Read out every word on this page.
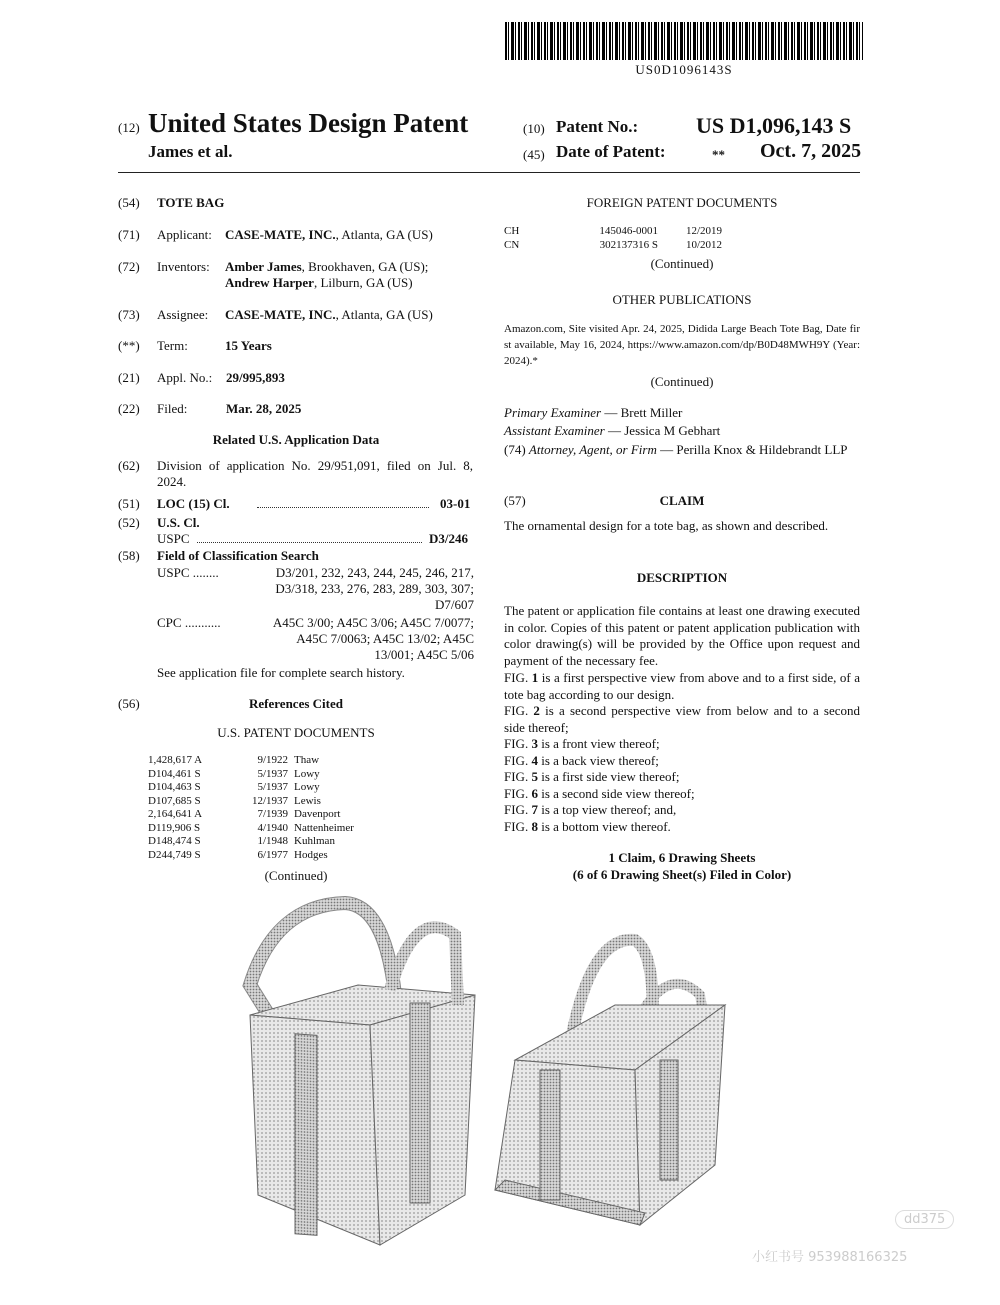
US0D1096143S
(12) United States Design Patent
James et al.
(10) Patent No.:	US D1,096,143 S
(45) Date of Patent:	** Oct. 7, 2025
(54) TOTE BAG
(71) Applicant: CASE-MATE, INC., Atlanta, GA (US)
(72) Inventors: Amber James, Brookhaven, GA (US);
Andrew Harper, Lilburn, GA (US)
(73) Assignee: CASE-MATE, INC., Atlanta, GA (US)
(**) Term:	15 Years
(21) Appl. No.: 29/995,893
(22) Filed:	Mar. 28, 2025
Related U.S. Application Data
(62) Division of application No. 29/951,091, filed on Jul. 8, 2024.
(51) LOC (15) Cl.	03-01
(52) U.S. Cl.
USPC	D3/246
(58) Field of Classification Search
USPC ........	D3/201, 232, 243, 244, 245, 246, 217,
D3/318, 233, 276, 283, 289, 303, 307;
D7/607
CPC ...........	A45C 3/00; A45C 3/06; A45C 7/0077;
A45C 7/0063; A45C 13/02; A45C
13/001; A45C 5/06
See application file for complete search history.
(56)	References Cited
U.S. PATENT DOCUMENTS
1,428,617 A	9/1922	Thaw
D104,461 S	5/1937	Lowy
D104,463 S	5/1937	Lowy
D107,685 S	12/1937	Lewis
2,164,641 A	7/1939	Davenport
D119,906 S	4/1940	Nattenheimer
D148,474 S	1/1948	Kuhlman
D244,749 S	6/1977	Hodges
(Continued)
FOREIGN PATENT DOCUMENTS
CH	145046-0001	12/2019
CN	302137316 S	10/2012
(Continued)
OTHER PUBLICATIONS
Amazon.com, Site visited Apr. 24, 2025, Didida Large Beach Tote Bag, Date first available, May 16, 2024, https://www.amazon.com/dp/B0D48MWH9Y (Year: 2024).*
(Continued)
Primary Examiner — Brett Miller
Assistant Examiner — Jessica M Gebhart
(74) Attorney, Agent, or Firm — Perilla Knox & Hildebrandt LLP
(57)	CLAIM
The ornamental design for a tote bag, as shown and described.
DESCRIPTION
The patent or application file contains at least one drawing executed in color. Copies of this patent or patent application publication with color drawing(s) will be provided by the Office upon request and payment of the necessary fee.
FIG. 1 is a first perspective view from above and to a first side, of a tote bag according to our design.
FIG. 2 is a second perspective view from below and to a second side thereof;
FIG. 3 is a front view thereof;
FIG. 4 is a back view thereof;
FIG. 5 is a first side view thereof;
FIG. 6 is a second side view thereof;
FIG. 7 is a top view thereof; and,
FIG. 8 is a bottom view thereof.
1 Claim, 6 Drawing Sheets
(6 of 6 Drawing Sheet(s) Filed in Color)
dd375
小红书号 953988166325
